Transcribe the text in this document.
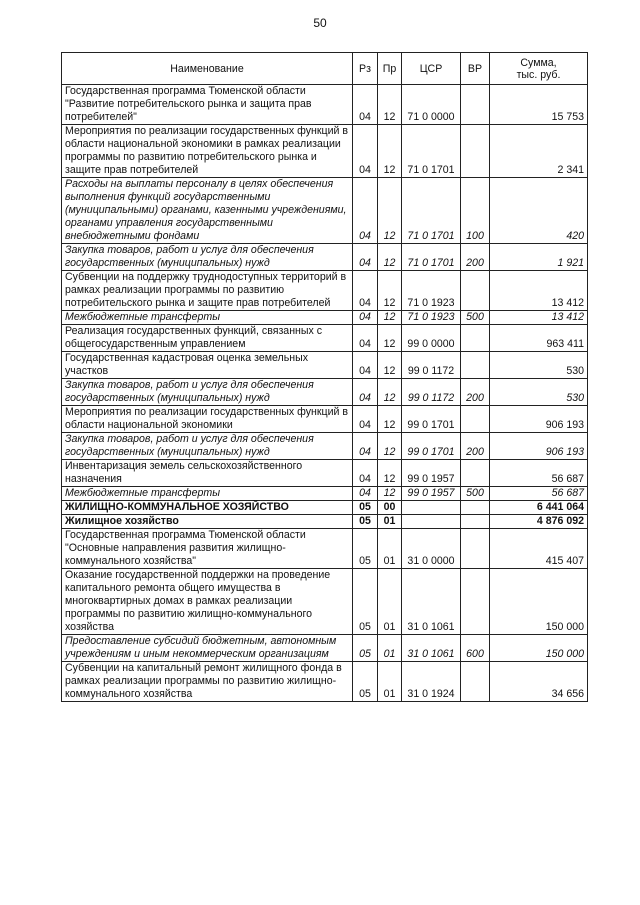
50
Наименование	Рз	Пр	ЦСР	ВР	Сумма,
тыс. руб.
Государственная программа Тюменской области "Развитие потребительского рынка и защита прав потребителей"	04	12	71 0 0000		15 753
Мероприятия по реализации государственных функций в области национальной экономики в рамках реализации программы по развитию потребительского рынка и защите прав потребителей	04	12	71 0 1701		2 341
Расходы на выплаты персоналу в целях обеспечения выполнения функций государственными (муниципальными) органами, казенными учреждениями, органами управления государственными внебюджетными фондами	04	12	71 0 1701	100	420
Закупка товаров, работ и услуг для обеспечения государственных (муниципальных) нужд	04	12	71 0 1701	200	1 921
Субвенции на поддержку труднодоступных территорий в рамках реализации программы по развитию потребительского рынка и защите прав потребителей	04	12	71 0 1923		13 412
Межбюджетные трансферты	04	12	71 0 1923	500	13 412
Реализация государственных функций, связанных с общегосударственным управлением	04	12	99 0 0000		963 411
Государственная кадастровая оценка земельных участков	04	12	99 0 1172		530
Закупка товаров, работ и услуг для обеспечения государственных (муниципальных) нужд	04	12	99 0 1172	200	530
Мероприятия по реализации государственных функций в области национальной экономики	04	12	99 0 1701		906 193
Закупка товаров, работ и услуг для обеспечения государственных (муниципальных) нужд	04	12	99 0 1701	200	906 193
Инвентаризация земель сельскохозяйственного назначения	04	12	99 0 1957		56 687
Межбюджетные трансферты	04	12	99 0 1957	500	56 687
ЖИЛИЩНО-КОММУНАЛЬНОЕ ХОЗЯЙСТВО	05	00			6 441 064
Жилищное хозяйство	05	01			4 876 092
Государственная программа Тюменской области "Основные направления развития жилищно-коммунального хозяйства"	05	01	31 0 0000		415 407
Оказание государственной поддержки на проведение капитального ремонта общего имущества в многоквартирных домах в рамках реализации программы по развитию жилищно-коммунального хозяйства	05	01	31 0 1061		150 000
Предоставление субсидий бюджетным, автономным учреждениям и иным некоммерческим организациям	05	01	31 0 1061	600	150 000
Субвенции на капитальный ремонт жилищного фонда в рамках реализации программы по развитию жилищно-коммунального хозяйства	05	01	31 0 1924		34 656
